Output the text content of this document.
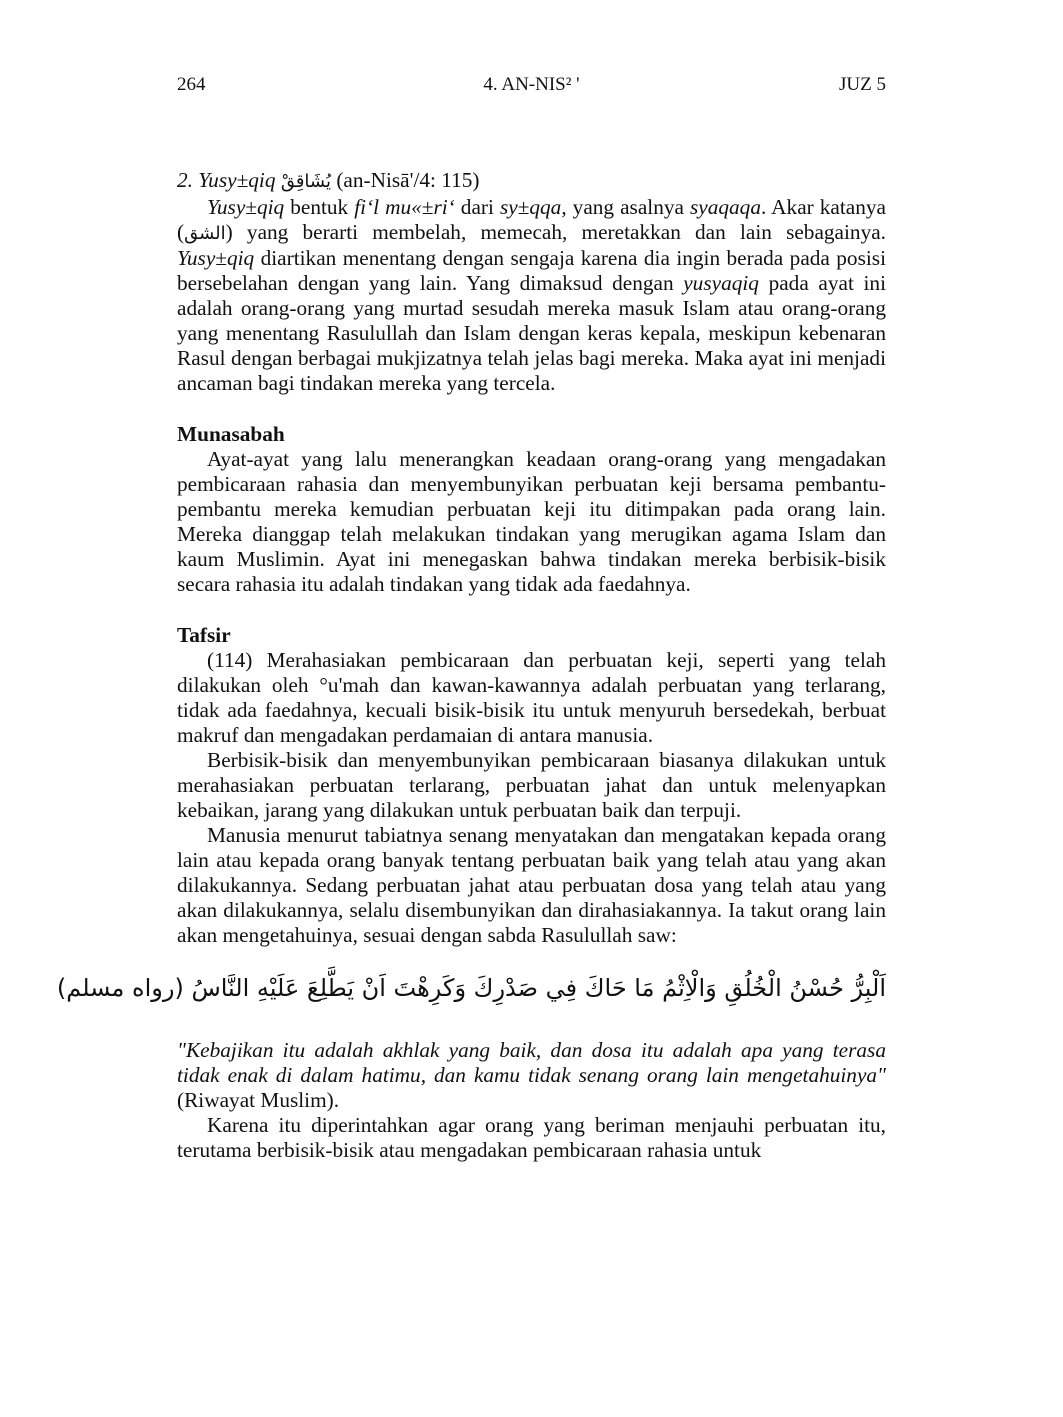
264	4. AN-NIS² '	JUZ 5
2. Yusy±qiq يُشَاقِقْ (an-Nisā'/4: 115)

Yusy±qiq bentuk fi‘l mu«±ri‘ dari sy±qqa, yang asalnya syaqaqa. Akar katanya (الشق) yang berarti membelah, memecah, meretakkan dan lain sebagainya. Yusy±qiq diartikan menentang dengan sengaja karena dia ingin berada pada posisi bersebelahan dengan yang lain. Yang dimaksud dengan yusyaqiq pada ayat ini adalah orang-orang yang murtad sesudah mereka masuk Islam atau orang-orang yang menentang Rasulullah dan Islam dengan keras kepala, meskipun kebenaran Rasul dengan berbagai mukjizatnya telah jelas bagi mereka. Maka ayat ini menjadi ancaman bagi tindakan mereka yang tercela.

Munasabah

Ayat-ayat yang lalu menerangkan keadaan orang-orang yang mengadakan pembicaraan rahasia dan menyembunyikan perbuatan keji bersama pembantu-pembantu mereka kemudian perbuatan keji itu ditimpakan pada orang lain. Mereka dianggap telah melakukan tindakan yang merugikan agama Islam dan kaum Muslimin. Ayat ini menegaskan bahwa tindakan mereka berbisik-bisik secara rahasia itu adalah tindakan yang tidak ada faedahnya.

Tafsir

(114) Merahasiakan pembicaraan dan perbuatan keji, seperti yang telah dilakukan oleh °u'mah dan kawan-kawannya adalah perbuatan yang terlarang, tidak ada faedahnya, kecuali bisik-bisik itu untuk menyuruh bersedekah, berbuat makruf dan mengadakan perdamaian di antara manusia.

Berbisik-bisik dan menyembunyikan pembicaraan biasanya dilakukan untuk merahasiakan perbuatan terlarang, perbuatan jahat dan untuk melenyapkan kebaikan, jarang yang dilakukan untuk perbuatan baik dan terpuji.

Manusia menurut tabiatnya senang menyatakan dan mengatakan kepada orang lain atau kepada orang banyak tentang perbuatan baik yang telah atau yang akan dilakukannya. Sedang perbuatan jahat atau perbuatan dosa yang telah atau yang akan dilakukannya, selalu disembunyikan dan dirahasiakannya. Ia takut orang lain akan mengetahuinya, sesuai dengan sabda Rasulullah saw:

اَلْبِرُّ حُسْنُ الْخُلُقِ وَالْاِثْمُ مَا حَاكَ فِي صَدْرِكَ وَكَرِهْتَ اَنْ يَطَّلِعَ عَلَيْهِ النَّاسُ (رواه مسلم)

"Kebajikan itu adalah akhlak yang baik, dan dosa itu adalah apa yang terasa tidak enak di dalam hatimu, dan kamu tidak senang orang lain mengetahuinya" (Riwayat Muslim).

Karena itu diperintahkan agar orang yang beriman menjauhi perbuatan itu, terutama berbisik-bisik atau mengadakan pembicaraan rahasia untuk
